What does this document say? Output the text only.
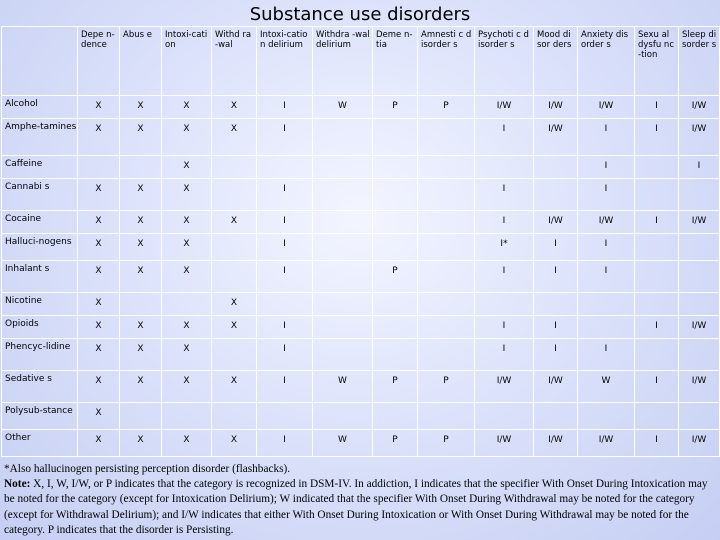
Substance use disorders
	Depe n-dence	Abus e	Intoxi-cation	Withd ra-wal	Intoxi-cation delirium	Withdra -wal delirium	Deme n-tia	Amnesti c disorder s	Psychoti c disorder s	Mood disor ders	Anxiety disorder s	Sexu al dysfu nc-tion	Sleep disorder s
Alcohol	X	X	X	X	I	W	P	P	I/W	I/W	I/W	I	I/W
Amphe-tamines	X	X	X	X	I				I	I/W	I	I	I/W
Caffeine			X								I		I
Cannabi s	X	X	X		I				I		I		
Cocaine	X	X	X	X	I				I	I/W	I/W	I	I/W
Halluci-nogens	X	X	X		I				I*	I	I		
Inhalant s	X	X	X		I		P		I	I	I		
Nicotine	X			X									
Opioids	X	X	X	X	I				I	I		I	I/W
Phencyc-lidine	X	X	X		I				I	I	I		
Sedative s	X	X	X	X	I	W	P	P	I/W	I/W	W	I	I/W
Polysub-stance	X												
Other	X	X	X	X	I	W	P	P	I/W	I/W	I/W	I	I/W
*Also hallucinogen persisting perception disorder (flashbacks).
Note: X, I, W, I/W, or P indicates that the category is recognized in DSM-IV. In addiction, I indicates that the specifier With Onset During Intoxication may be noted for the category (except for Intoxication Delirium); W indicated that the specifier With Onset During Withdrawal may be noted for the category (except for Withdrawal Delirium); and I/W indicates that either With Onset During Intoxication or With Onset During Withdrawal may be noted for the category. P indicates that the disorder is Persisting.
